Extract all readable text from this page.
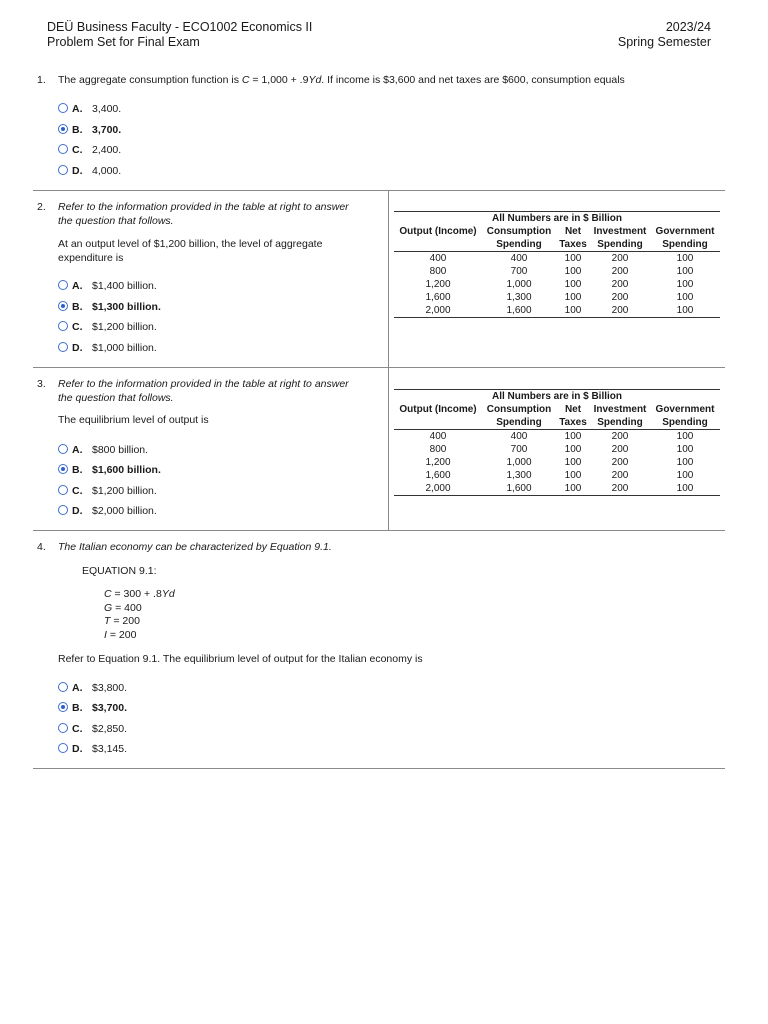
DEÜ Business Faculty - ECO1002 Economics II
Problem Set for Final Exam
2023/24
Spring Semester
1. The aggregate consumption function is C = 1,000 + .9Yd. If income is $3,600 and net taxes are $600, consumption equals
A. 3,400.
B. 3,700.
C. 2,400.
D. 4,000.
2. Refer to the information provided in the table at right to answer
the question that follows.
At an output level of $1,200 billion, the level of aggregate
expenditure is
A. $1,400 billion.
B. $1,300 billion.
C. $1,200 billion.
D. $1,000 billion.
All Numbers are in $ Billion				
Output (Income)	Consumption	Net	Investment	Government
	Spending	Taxes	Spending	Spending
400	400	100	200	100
800	700	100	200	100
1,200	1,000	100	200	100
1,600	1,300	100	200	100
2,000	1,600	100	200	100
3. Refer to the information provided in the table at right to answer
the question that follows.
The equilibrium level of output is
A. $800 billion.
B. $1,600 billion.
C. $1,200 billion.
D. $2,000 billion.
All Numbers are in $ Billion				
Output (Income)	Consumption	Net	Investment	Government
	Spending	Taxes	Spending	Spending
400	400	100	200	100
800	700	100	200	100
1,200	1,000	100	200	100
1,600	1,300	100	200	100
2,000	1,600	100	200	100
4. The Italian economy can be characterized by Equation 9.1.
EQUATION 9.1:
C = 300 + .8Yd
G = 400
T = 200
I = 200
Refer to Equation 9.1. The equilibrium level of output for the Italian economy is
A. $3,800.
B. $3,700.
C. $2,850.
D. $3,145.
